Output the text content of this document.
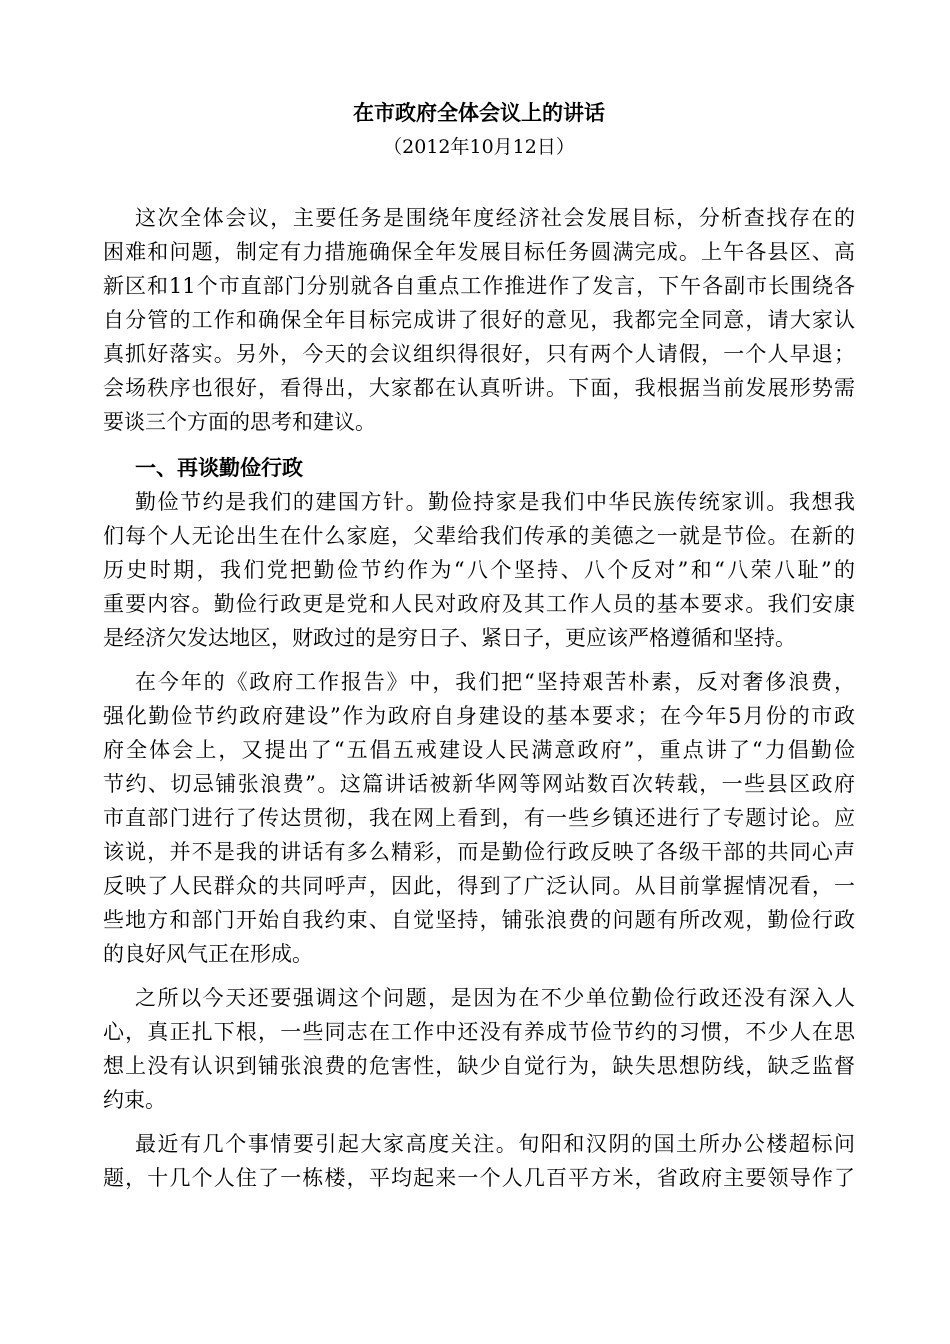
在市政府全体会议上的讲话
（2012年10月12日）
这次全体会议，主要任务是围绕年度经济社会发展目标，分析查找存在的
困难和问题，制定有力措施确保全年发展目标任务圆满完成。上午各县区、高
新区和11个市直部门分别就各自重点工作推进作了发言，下午各副市长围绕各
自分管的工作和确保全年目标完成讲了很好的意见，我都完全同意，请大家认
真抓好落实。另外，今天的会议组织得很好，只有两个人请假，一个人早退；
会场秩序也很好，看得出，大家都在认真听讲。下面，我根据当前发展形势需
要谈三个方面的思考和建议。
一、再谈勤俭行政
勤俭节约是我们的建国方针。勤俭持家是我们中华民族传统家训。我想我
们每个人无论出生在什么家庭，父辈给我们传承的美德之一就是节俭。在新的
历史时期，我们党把勤俭节约作为“八个坚持、八个反对”和“八荣八耻”的
重要内容。勤俭行政更是党和人民对政府及其工作人员的基本要求。我们安康
是经济欠发达地区，财政过的是穷日子、紧日子，更应该严格遵循和坚持。
在今年的《政府工作报告》中，我们把“坚持艰苦朴素，反对奢侈浪费，
强化勤俭节约政府建设”作为政府自身建设的基本要求；在今年5月份的市政
府全体会上，又提出了“五倡五戒建设人民满意政府”，重点讲了“力倡勤俭
节约、切忌铺张浪费”。这篇讲话被新华网等网站数百次转载，一些县区政府
市直部门进行了传达贯彻，我在网上看到，有一些乡镇还进行了专题讨论。应
该说，并不是我的讲话有多么精彩，而是勤俭行政反映了各级干部的共同心声
反映了人民群众的共同呼声，因此，得到了广泛认同。从目前掌握情况看，一
些地方和部门开始自我约束、自觉坚持，铺张浪费的问题有所改观，勤俭行政
的良好风气正在形成。
之所以今天还要强调这个问题，是因为在不少单位勤俭行政还没有深入人
心，真正扎下根，一些同志在工作中还没有养成节俭节约的习惯，不少人在思
想上没有认识到铺张浪费的危害性，缺少自觉行为，缺失思想防线，缺乏监督
约束。
最近有几个事情要引起大家高度关注。旬阳和汉阴的国土所办公楼超标问
题，十几个人住了一栋楼，平均起来一个人几百平方米，省政府主要领导作了
